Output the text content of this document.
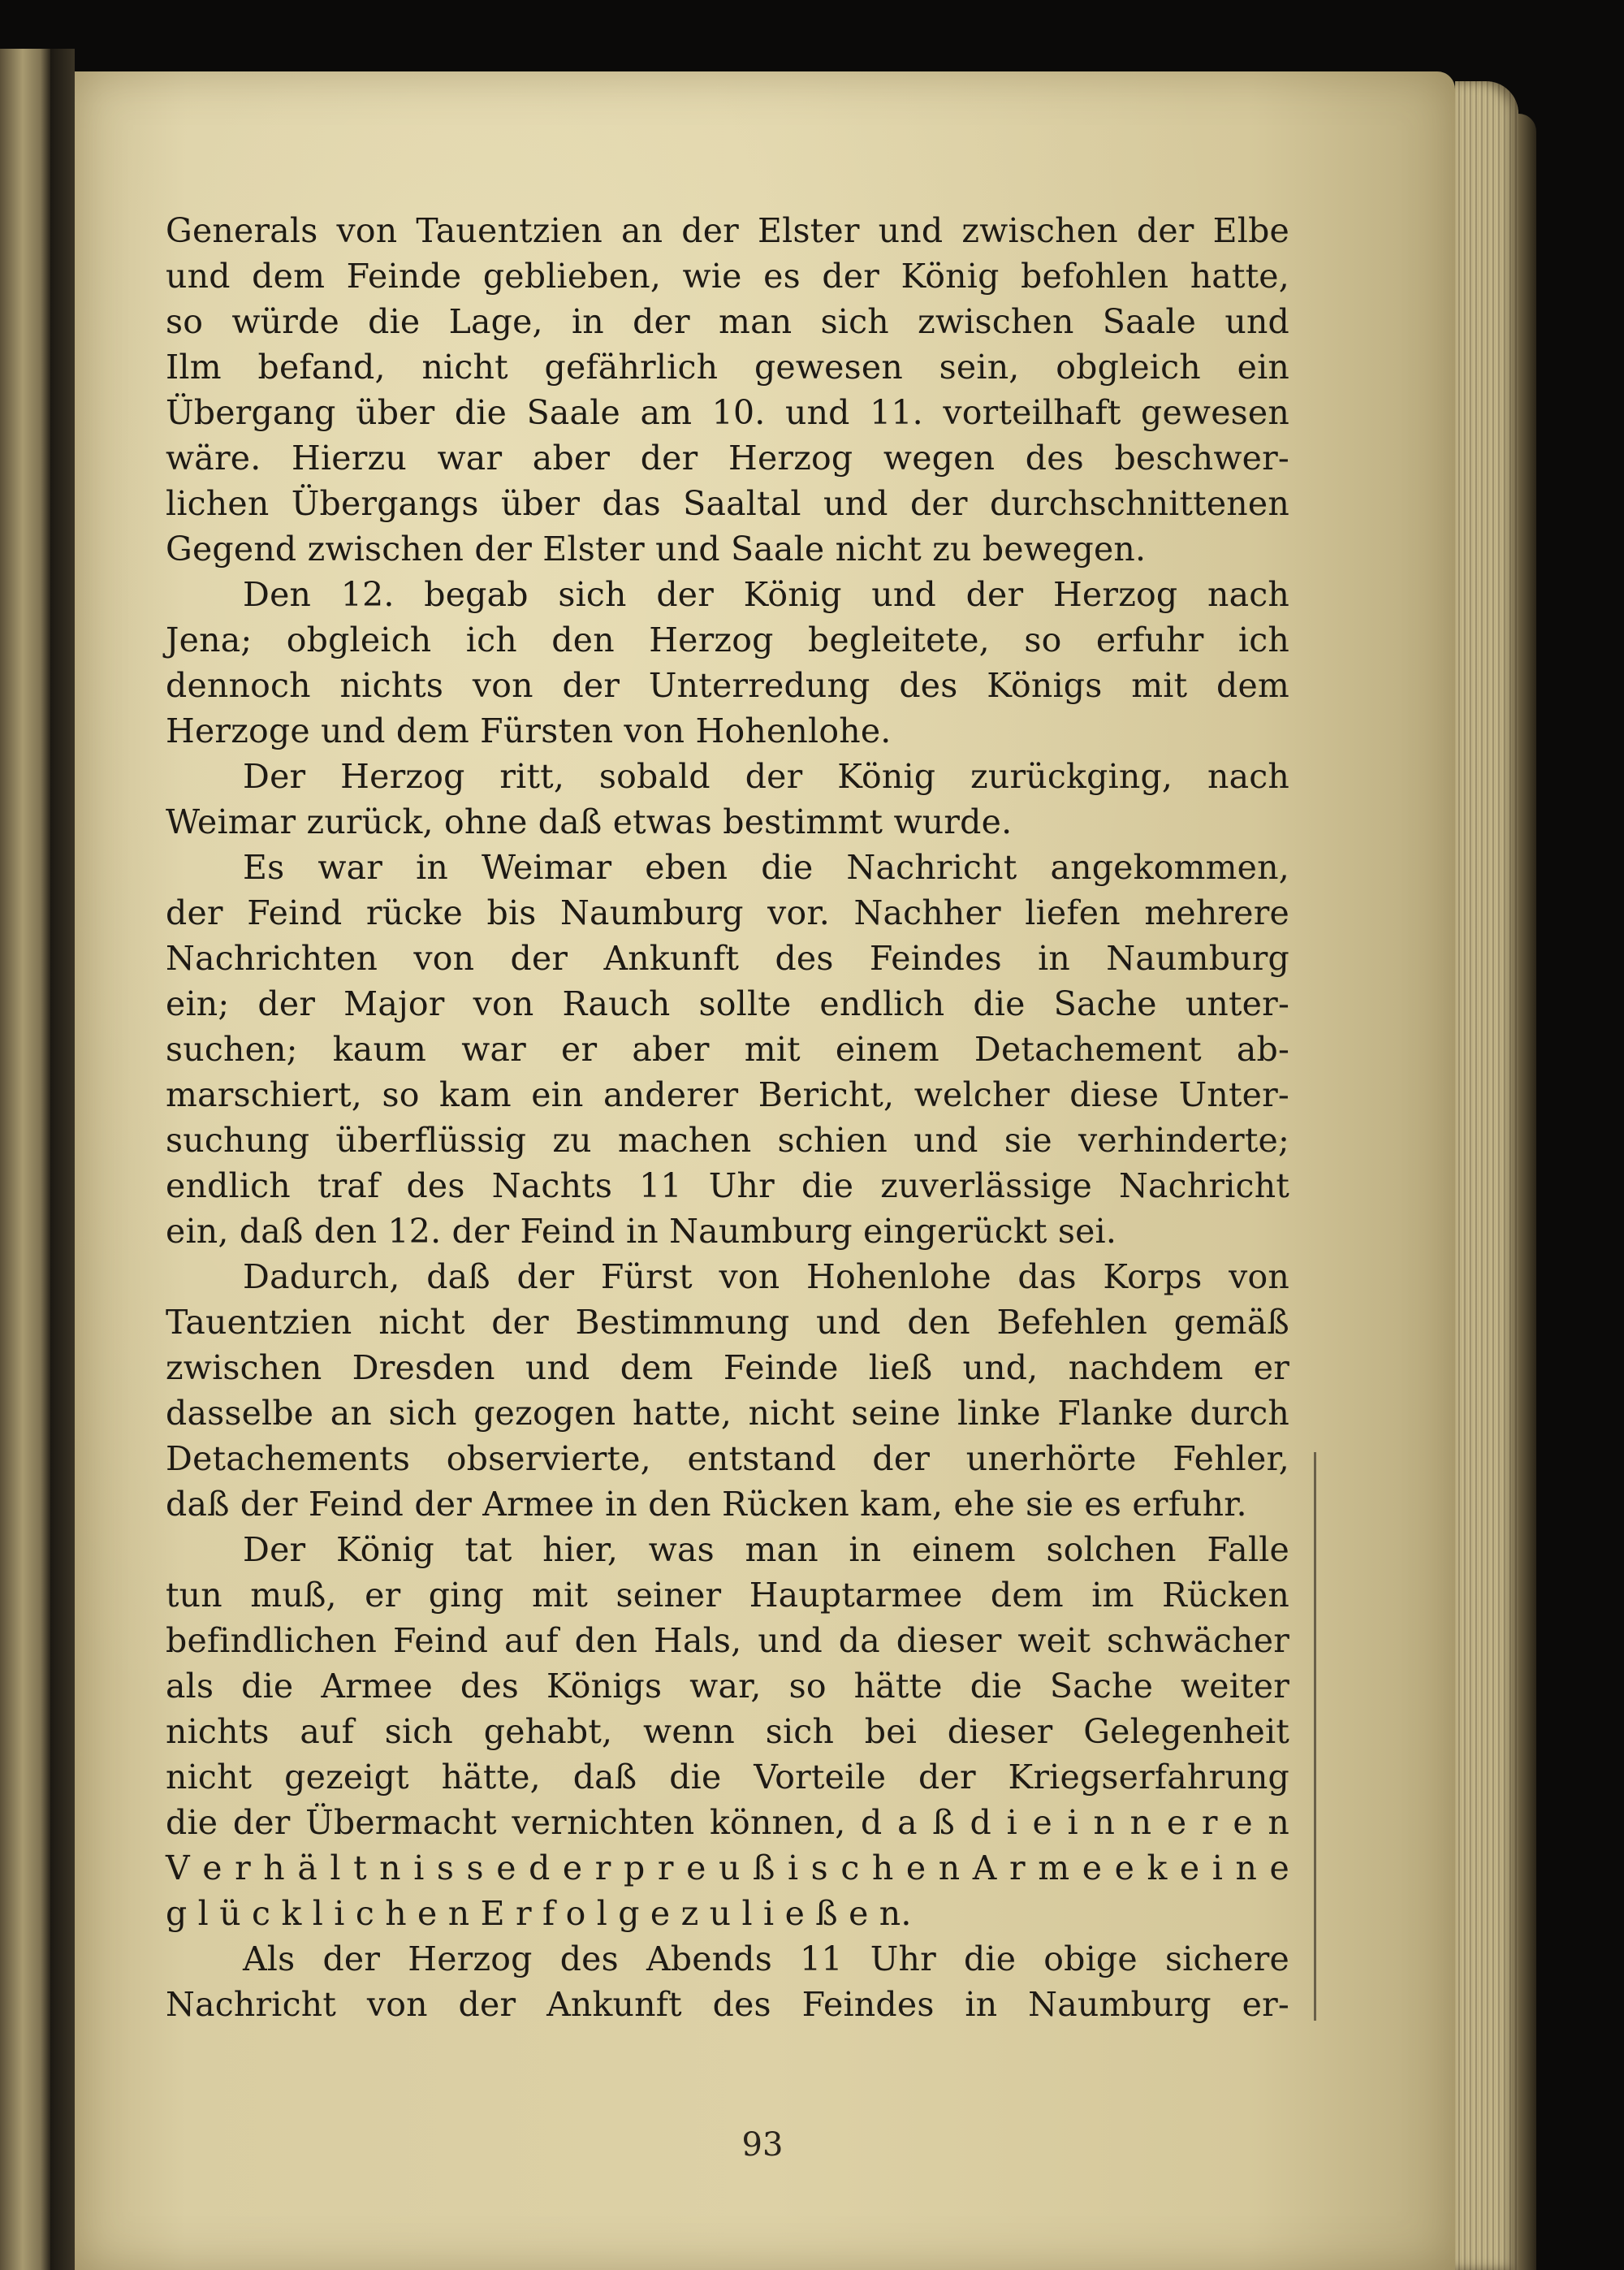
Generals von Tauentzien an der Elster und zwischen der Elbe
und dem Feinde geblieben, wie es der König befohlen hatte,
so würde die Lage, in der man sich zwischen Saale und
Ilm befand, nicht gefährlich gewesen sein, obgleich ein
Übergang über die Saale am 10. und 11. vorteilhaft gewesen
wäre. Hierzu war aber der Herzog wegen des beschwer-
lichen Übergangs über das Saaltal und der durchschnittenen
Gegend zwischen der Elster und Saale nicht zu bewegen.
Den 12. begab sich der König und der Herzog nach
Jena; obgleich ich den Herzog begleitete, so erfuhr ich
dennoch nichts von der Unterredung des Königs mit dem
Herzoge und dem Fürsten von Hohenlohe.
Der Herzog ritt, sobald der König zurückging, nach
Weimar zurück, ohne daß etwas bestimmt wurde.
Es war in Weimar eben die Nachricht angekommen,
der Feind rücke bis Naumburg vor. Nachher liefen mehrere
Nachrichten von der Ankunft des Feindes in Naumburg
ein; der Major von Rauch sollte endlich die Sache unter-
suchen; kaum war er aber mit einem Detachement ab-
marschiert, so kam ein anderer Bericht, welcher diese Unter-
suchung überflüssig zu machen schien und sie verhinderte;
endlich traf des Nachts 11 Uhr die zuverlässige Nachricht
ein, daß den 12. der Feind in Naumburg eingerückt sei.
Dadurch, daß der Fürst von Hohenlohe das Korps von
Tauentzien nicht der Bestimmung und den Befehlen gemäß
zwischen Dresden und dem Feinde ließ und, nachdem er
dasselbe an sich gezogen hatte, nicht seine linke Flanke durch
Detachements observierte, entstand der unerhörte Fehler,
daß der Feind der Armee in den Rücken kam, ehe sie es erfuhr.
Der König tat hier, was man in einem solchen Falle
tun muß, er ging mit seiner Hauptarmee dem im Rücken
befindlichen Feind auf den Hals, und da dieser weit schwächer
als die Armee des Königs war, so hätte die Sache weiter
nichts auf sich gehabt, wenn sich bei dieser Gelegenheit
nicht gezeigt hätte, daß die Vorteile der Kriegserfahrung
die der Übermacht vernichten können, d a ß d i e i n n e r e n
V e r h ä l t n i s s e d e r p r e u ß i s c h e n A r m e e k e i n e
g l ü c k l i c h e n E r f o l g e z u l i e ß e n.
Als der Herzog des Abends 11 Uhr die obige sichere
Nachricht von der Ankunft des Feindes in Naumburg er-
93
